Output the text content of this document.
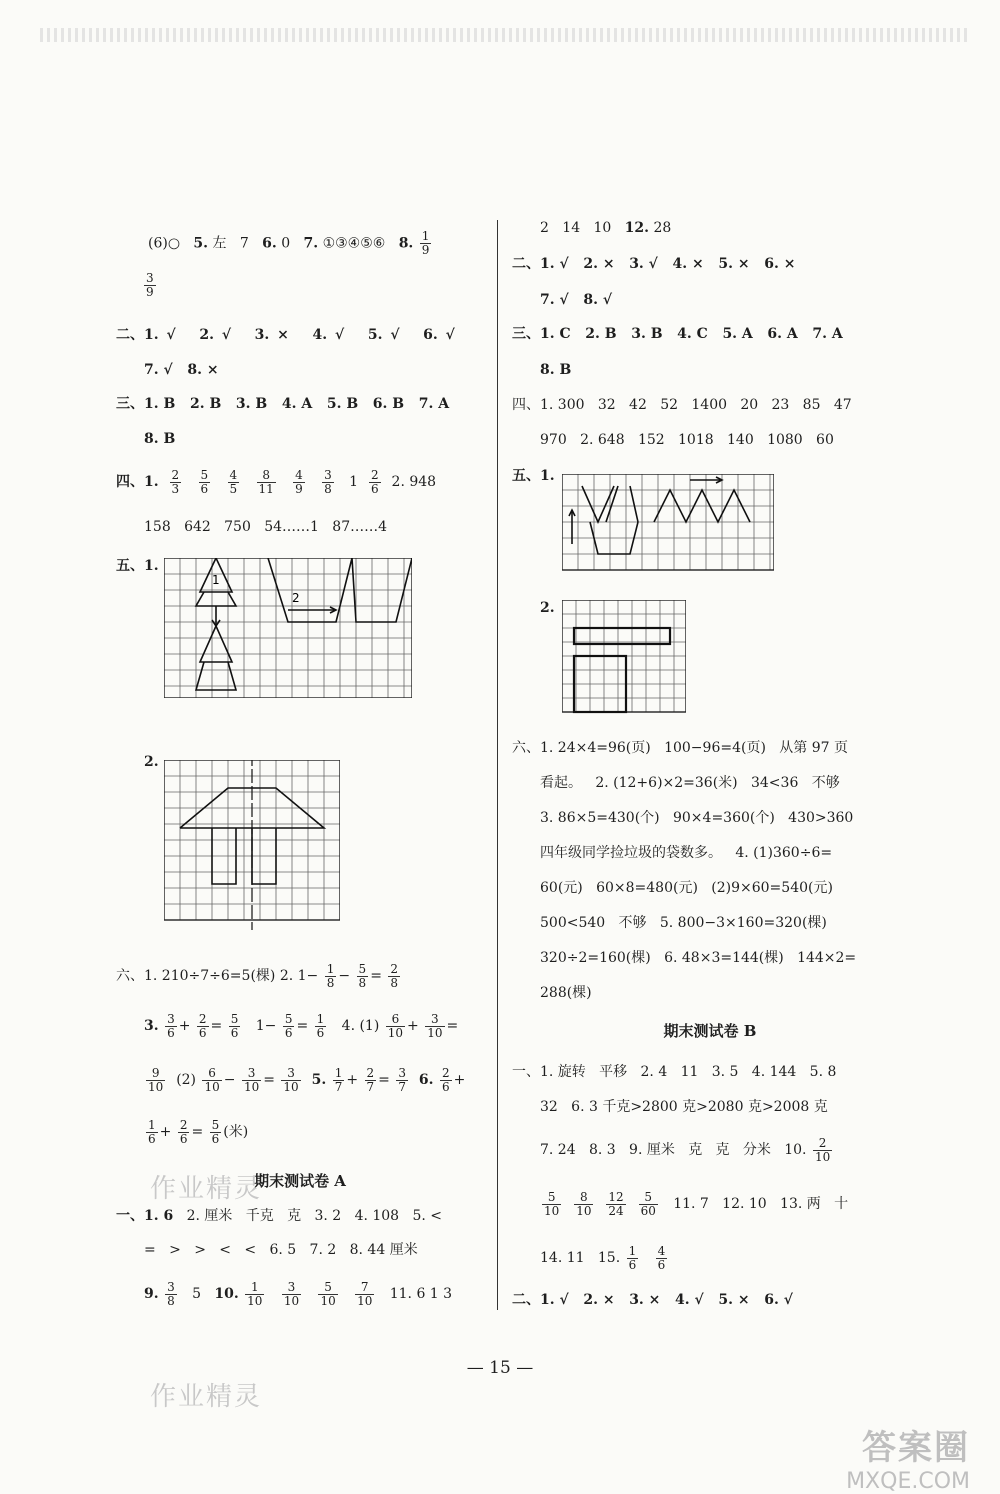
(6)○ 5. 左 7 6. 0 7. ①③④⑤⑥ 8. $\frac{1}{9}$
$\frac{3}{9}$
二、1. √ 2. √ 3. × 4. √ 5. √ 6. √
7. √ 8. ×
三、1. B 2. B 3. B 4. A 5. B 6. B 7. A
8. B
四、1. $\frac{2}{3}$
$\frac{5}{6}$
$\frac{4}{5}$
$\frac{8}{11}$
$\frac{4}{9}$
$\frac{3}{8} 1 \frac{2}{6} 2$. 948
158   642   750   54……1   87……4
五、1.
1
2
2.
六、1. 210÷7÷6=5(棵) 2. $1- \frac{1}{8} - \frac{5}{8} = \frac{2}{8}$
3. $\frac{3}{6} + \frac{2}{6} = \frac{5}{6} 1- \frac{5}{6} = \frac{1}{6} 4$. $(1) \frac{6}{10} + \frac{3}{10}$ =
$\frac{9}{10} (2) \frac{6}{10} - \frac{3}{10} = \frac{3}{10} 5$. $\frac{1}{7} + \frac{2}{7} = \frac{3}{7} 6$. $\frac{2}{6}$ +
$\frac{1}{6} + \frac{2}{6} = \frac{5}{6}$ (米)
期末测试卷 A
一、1. 6 2. 厘米 千克 克 3. 2 4. 108 5. <
= > > < < 6. 5 7. 2 8. 44 厘米
9. $\frac{3}{8} 5$ 10. $\frac{1}{10}$
$\frac{3}{10}$
$\frac{5}{10}$
$\frac{7}{10} 11$. 6 1 3
2 14 10 12. 28
二、1. √ 2. × 3. √ 4. × 5. × 6. ×
7. √ 8. √
三、1. C 2. B 3. B 4. C 5. A 6. A 7. A
8. B
四、1. 300   32   42   52   1400   20   23   85   47
970   2. 648   152   1018   140   1080   60
五、1.
2.
六、1. 24×4=96(页)   100−96=4(页)   从第 97 页
看起。   2. (12+6)×2=36(米)   34<36   不够
3. 86×5=430(个)   90×4=360(个)   430>360
四年级同学捡垃圾的袋数多。   4. (1)360÷6=
60(元)   60×8=480(元)   (2)9×60=540(元)
500<540   不够   5. 800−3×160=320(棵)
320÷2=160(棵)   6. 48×3=144(棵)   144×2=
288(棵)
期末测试卷 B
一、1. 旋转   平移   2. 4   11   3. 5   4. 144   5. 8
32   6. 3 千克>2800 克>2080 克>2008 克
7. 24   8. 3   9. 厘米   克   克   分米   10. $\frac{2}{10}$
$\frac{5}{10}$
$\frac{8}{10}$
$\frac{12}{24}$
$\frac{5}{60} 11$. 7   12. 10   13. 两   十
14. 11   15. $\frac{1}{6}$
$\frac{4}{6}$
二、1. √ 2. × 3. × 4. √ 5. × 6. √
— 15 —
作业精灵
作业精灵
答案圈
MXQE.COM
